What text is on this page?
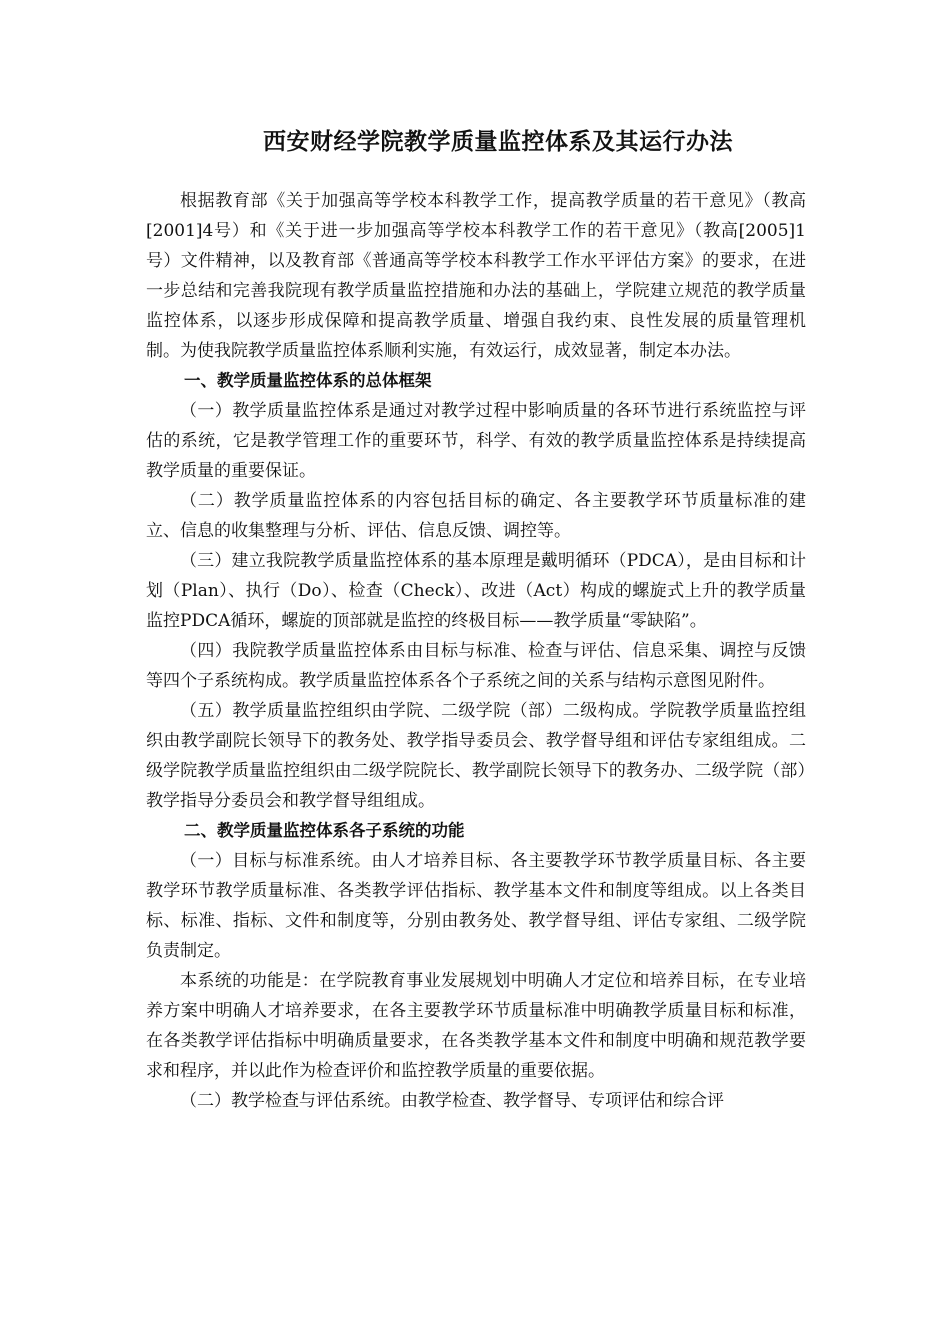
西安财经学院教学质量监控体系及其运行办法

根据教育部《关于加强高等学校本科教学工作，提高教学质量的若干意见》（教高[2001]4号）和《关于进一步加强高等学校本科教学工作的若干意见》（教高[2005]1号）文件精神，以及教育部《普通高等学校本科教学工作水平评估方案》的要求，在进一步总结和完善我院现有教学质量监控措施和办法的基础上，学院建立规范的教学质量监控体系，以逐步形成保障和提高教学质量、增强自我约束、良性发展的质量管理机制。为使我院教学质量监控体系顺利实施，有效运行，成效显著，制定本办法。

一、教学质量监控体系的总体框架

（一）教学质量监控体系是通过对教学过程中影响质量的各环节进行系统监控与评估的系统，它是教学管理工作的重要环节，科学、有效的教学质量监控体系是持续提高教学质量的重要保证。

（二）教学质量监控体系的内容包括目标的确定、各主要教学环节质量标准的建立、信息的收集整理与分析、评估、信息反馈、调控等。

（三）建立我院教学质量监控体系的基本原理是戴明循环（PDCA），是由目标和计划（Plan）、执行（Do）、检查（Check）、改进（Act）构成的螺旋式上升的教学质量监控PDCA循环，螺旋的顶部就是监控的终极目标——教学质量“零缺陷”。

（四）我院教学质量监控体系由目标与标准、检查与评估、信息采集、调控与反馈等四个子系统构成。教学质量监控体系各个子系统之间的关系与结构示意图见附件。

（五）教学质量监控组织由学院、二级学院（部）二级构成。学院教学质量监控组织由教学副院长领导下的教务处、教学指导委员会、教学督导组和评估专家组组成。二级学院教学质量监控组织由二级学院院长、教学副院长领导下的教务办、二级学院（部）教学指导分委员会和教学督导组组成。

二、教学质量监控体系各子系统的功能

（一）目标与标准系统。由人才培养目标、各主要教学环节教学质量目标、各主要教学环节教学质量标准、各类教学评估指标、教学基本文件和制度等组成。以上各类目标、标准、指标、文件和制度等，分别由教务处、教学督导组、评估专家组、二级学院负责制定。

本系统的功能是：在学院教育事业发展规划中明确人才定位和培养目标，在专业培养方案中明确人才培养要求，在各主要教学环节质量标准中明确教学质量目标和标准，在各类教学评估指标中明确质量要求，在各类教学基本文件和制度中明确和规范教学要求和程序，并以此作为检查评价和监控教学质量的重要依据。

（二）教学检查与评估系统。由教学检查、教学督导、专项评估和综合评
